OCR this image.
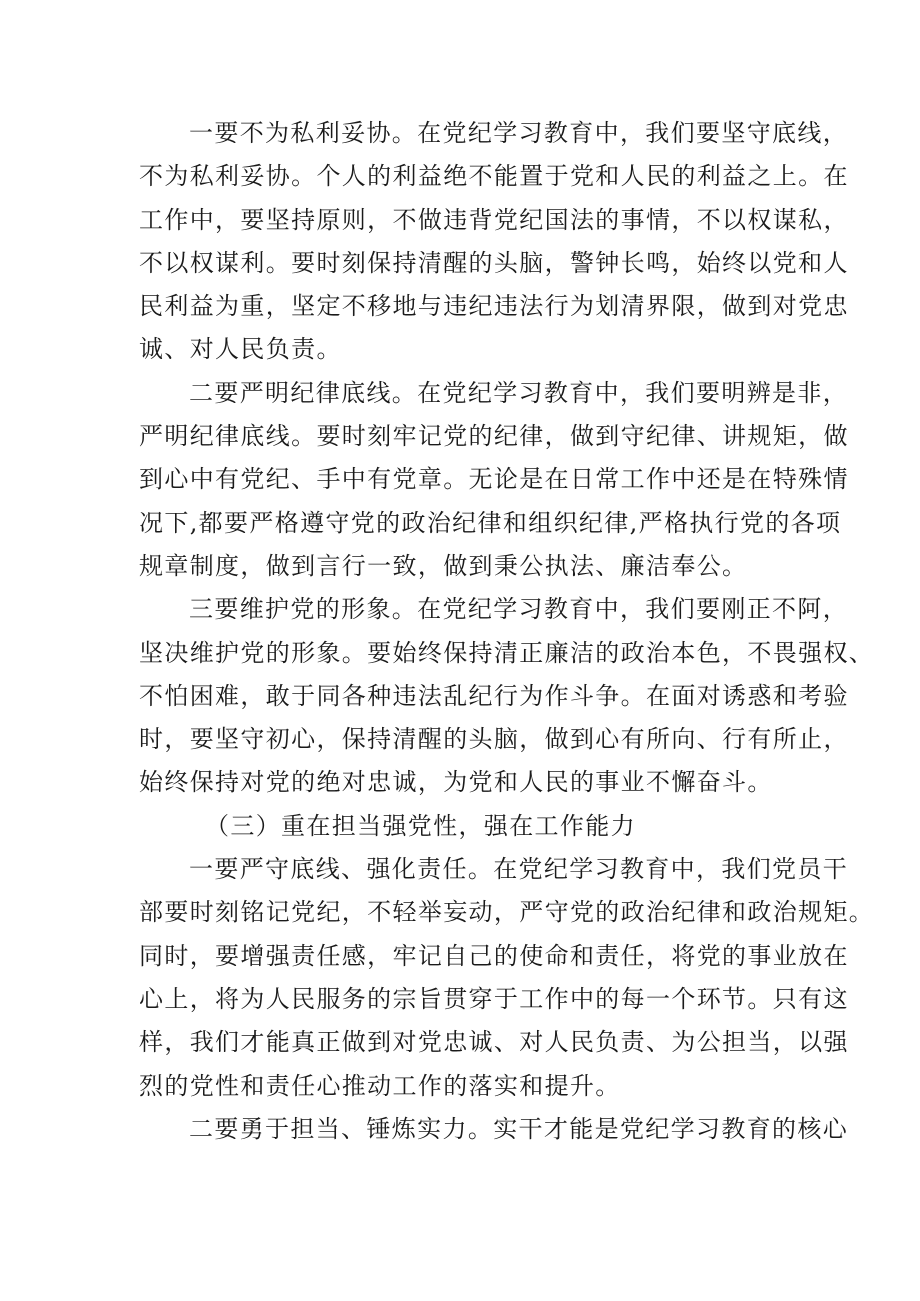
一要不为私利妥协。在党纪学习教育中，我们要坚守底线，
不为私利妥协。个人的利益绝不能置于党和人民的利益之上。在
工作中，要坚持原则，不做违背党纪国法的事情，不以权谋私，
不以权谋利。要时刻保持清醒的头脑，警钟长鸣，始终以党和人
民利益为重，坚定不移地与违纪违法行为划清界限，做到对党忠
诚、对人民负责。
二要严明纪律底线。在党纪学习教育中，我们要明辨是非，
严明纪律底线。要时刻牢记党的纪律，做到守纪律、讲规矩，做
到心中有党纪、手中有党章。无论是在日常工作中还是在特殊情
况下,都要严格遵守党的政治纪律和组织纪律,严格执行党的各项
规章制度，做到言行一致，做到秉公执法、廉洁奉公。
三要维护党的形象。在党纪学习教育中，我们要刚正不阿，
坚决维护党的形象。要始终保持清正廉洁的政治本色，不畏强权、
不怕困难，敢于同各种违法乱纪行为作斗争。在面对诱惑和考验
时，要坚守初心，保持清醒的头脑，做到心有所向、行有所止，
始终保持对党的绝对忠诚，为党和人民的事业不懈奋斗。
（三）重在担当强党性，强在工作能力
一要严守底线、强化责任。在党纪学习教育中，我们党员干
部要时刻铭记党纪，不轻举妄动，严守党的政治纪律和政治规矩。
同时，要增强责任感，牢记自己的使命和责任，将党的事业放在
心上，将为人民服务的宗旨贯穿于工作中的每一个环节。只有这
样，我们才能真正做到对党忠诚、对人民负责、为公担当，以强
烈的党性和责任心推动工作的落实和提升。
二要勇于担当、锤炼实力。实干才能是党纪学习教育的核心
